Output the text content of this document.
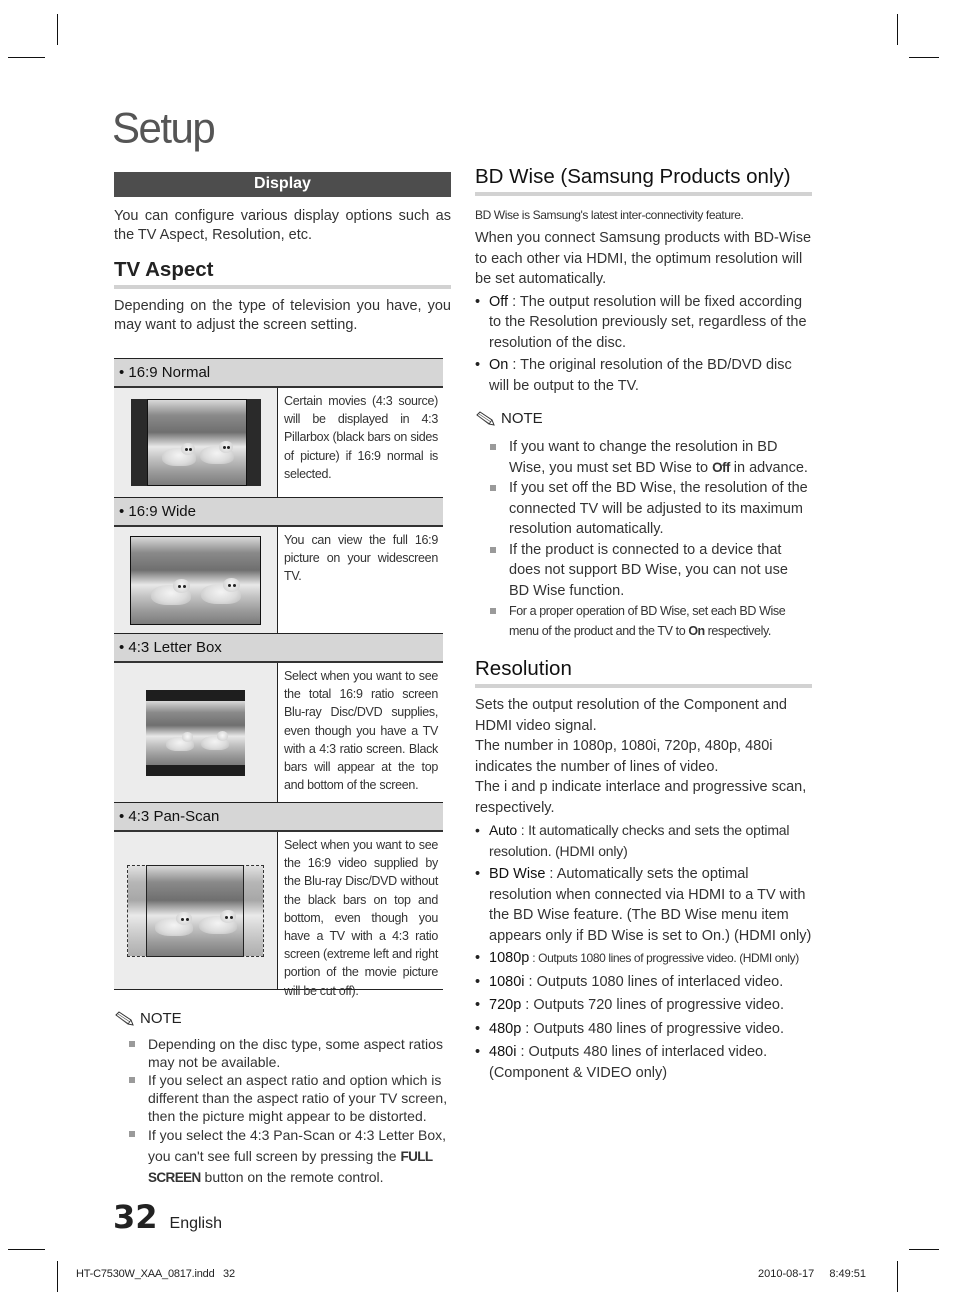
Setup
Display
You can configure various display options such as the TV Aspect, Resolution, etc.
TV Aspect
Depending on the type of television you have, you may want to adjust the screen setting.
• 16:9 Normal
Certain movies (4:3 source) will be displayed in 4:3 Pillarbox (black bars on sides of picture) if 16:9 normal is selected.
• 16:9 Wide
You can view the full 16:9 picture on your widescreen TV.
• 4:3 Letter Box
Select when you want to see the total 16:9 ratio screen Blu-ray Disc/DVD supplies, even though you have a TV with a 4:3 ratio screen. Black bars will appear at the top and bottom of the screen.
• 4:3 Pan-Scan
Select when you want to see the 16:9 video supplied by the Blu-ray Disc/DVD without the black bars on top and bottom, even though you have a TV with a 4:3 ratio screen (extreme left and right portion of the movie picture will be cut off).
NOTE
Depending on the disc type, some aspect ratios may not be available.
If you select an aspect ratio and option which is different than the aspect ratio of your TV screen, then the picture might appear to be distorted.
If you select the 4:3 Pan-Scan or 4:3 Letter Box, you can't see full screen by pressing the FULL SCREEN button on the remote control.
BD Wise (Samsung Products only)
BD Wise is Samsung's latest inter-connectivity feature.
When you connect Samsung products with BD-Wise to each other via HDMI, the optimum resolution will be set automatically.
• Off : The output resolution will be fixed according to the Resolution previously set, regardless of the resolution of the disc.
• On : The original resolution of the BD/DVD disc will be output to the TV.
NOTE
If you want to change the resolution in BD Wise, you must set BD Wise to Off in advance.
If you set off the BD Wise, the resolution of the connected TV will be adjusted to its maximum resolution automatically.
If the product is connected to a device that does not support BD Wise, you can not use BD Wise function.
For a proper operation of BD Wise, set each BD Wise menu of the product and the TV to On respectively.
Resolution
Sets the output resolution of the Component and HDMI video signal.
The number in 1080p, 1080i, 720p, 480p, 480i indicates the number of lines of video.
The i and p indicate interlace and progressive scan, respectively.
• Auto : It automatically checks and sets the optimal resolution. (HDMI only)
• BD Wise : Automatically sets the optimal resolution when connected via HDMI to a TV with the BD Wise feature. (The BD Wise menu item appears only if BD Wise is set to On.) (HDMI only)
• 1080p : Outputs 1080 lines of progressive video. (HDMI only)
• 1080i : Outputs 1080 lines of interlaced video.
• 720p : Outputs 720 lines of progressive video.
• 480p : Outputs 480 lines of progressive video.
• 480i : Outputs 480 lines of interlaced video. (Component & VIDEO only)
32 English
HT-C7530W_XAA_0817.indd   32	2010-08-17 8:49:51
